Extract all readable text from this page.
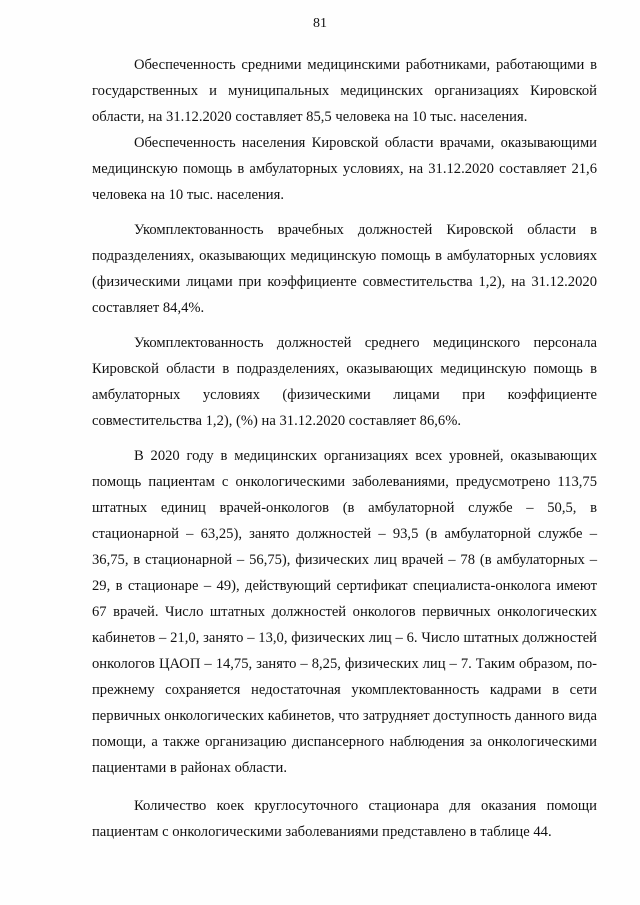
81

Обеспеченность средними медицинскими работниками, работающими в государственных и муниципальных медицинских организациях Кировской области, на 31.12.2020 составляет 85,5 человека на 10 тыс. населения.

Обеспеченность населения Кировской области врачами, оказывающими медицинскую помощь в амбулаторных условиях, на 31.12.2020 составляет 21,6 человека на 10 тыс. населения.

Укомплектованность врачебных должностей Кировской области в подразделениях, оказывающих медицинскую помощь в амбулаторных условиях (физическими лицами при коэффициенте совместительства 1,2), на 31.12.2020 составляет 84,4%.

Укомплектованность должностей среднего медицинского персонала Кировской области в подразделениях, оказывающих медицинскую помощь в амбулаторных условиях (физическими лицами при коэффициенте совместительства 1,2), (%) на 31.12.2020 составляет 86,6%.

В 2020 году в медицинских организациях всех уровней, оказывающих помощь пациентам с онкологическими заболеваниями, предусмотрено 113,75 штатных единиц врачей-онкологов (в амбулаторной службе – 50,5, в стационарной – 63,25), занято должностей – 93,5 (в амбулаторной службе – 36,75, в стационарной – 56,75), физических лиц врачей – 78 (в амбулаторных – 29, в стационаре – 49), действующий сертификат специалиста-онколога имеют 67 врачей. Число штатных должностей онкологов первичных онкологических кабинетов – 21,0, занято – 13,0, физических лиц – 6. Число штатных должностей онкологов ЦАОП – 14,75, занято – 8,25, физических лиц – 7. Таким образом, по-прежнему сохраняется недостаточная укомплектованность кадрами в сети первичных онкологических кабинетов, что затрудняет доступность данного вида помощи, а также организацию диспансерного наблюдения за онкологическими пациентами в районах области.

Количество коек круглосуточного стационара для оказания помощи пациентам с онкологическими заболеваниями представлено в таблице 44.
